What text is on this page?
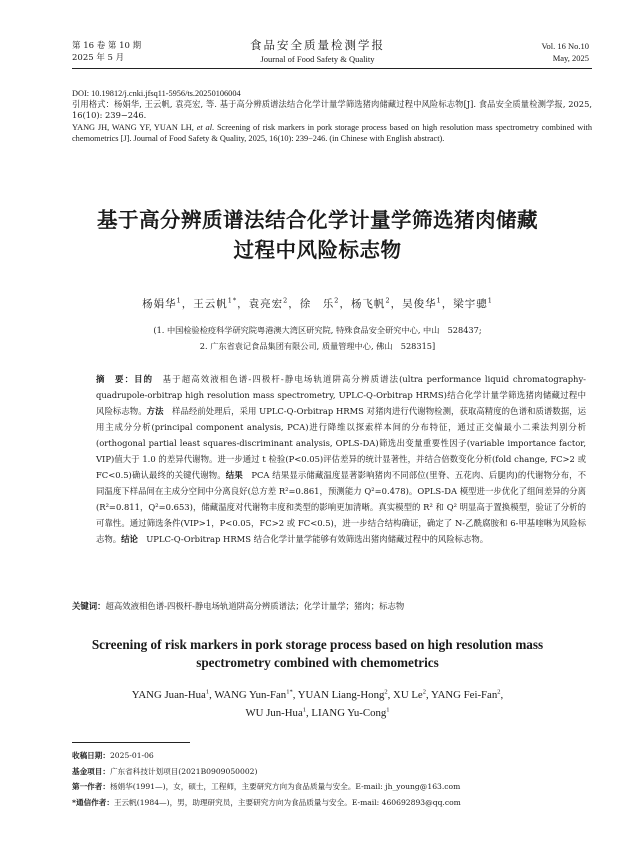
第 16 卷 第 10 期
2025 年 5 月
食品安全质量检测学报
Journal of Food Safety & Quality
Vol. 16 No.10
May, 2025
DOI: 10.19812/j.cnki.jfsq11-5956/ts.20250106004
引用格式：杨娟华, 王云帆, 袁亮宏, 等. 基于高分辨质谱法结合化学计量学筛选猪肉储藏过程中风险标志物[J]. 食品安全质量检测学报, 2025, 16(10): 239−246.
YANG JH, WANG YF, YUAN LH, et al. Screening of risk markers in pork storage process based on high resolution mass spectrometry combined with chemometrics [J]. Journal of Food Safety & Quality, 2025, 16(10): 239−246. (in Chinese with English abstract).
基于高分辨质谱法结合化学计量学筛选猪肉储藏
过程中风险标志物
杨娟华$^1$，王云帆$^{1*}$，袁亮宏$^2$，徐　乐$^2$，杨飞帆$^2$，吴俊华$^1$，梁宇骢$^1$
(1. 中国检验检疫科学研究院粤港澳大湾区研究院, 特殊食品安全研究中心, 中山　528437;
2. 广东省袁记食品集团有限公司, 质量管理中心, 佛山　528315]
摘　要：目的　 基于超高效液相色谱-四极杆-静电场轨道阱高分辨质谱法(ultra performance liquid chromatography-quadrupole-orbitrap high resolution mass spectrometry, UPLC-Q-Orbitrap HRMS)结合化学计量学筛选猪肉储藏过程中风险标志物。方法　 样品经前处理后，采用 UPLC-Q-Orbitrap HRMS 对猪肉进行代谢物检测，获取高精度的色谱和质谱数据，运用主成分分析(principal component analysis, PCA)进行降维以探索样本间的分布特征，通过正交偏最小二乘法判别分析(orthogonal partial least squares-discriminant analysis, OPLS-DA)筛选出变量重要性因子(variable importance factor, VIP)值大于 1.0 的差异代谢物。进一步通过 t 检验(P<0.05)评估差异的统计显著性，并结合倍数变化分析(fold change, FC>2 或 FC<0.5)确认最终的关键代谢物。结果　 PCA 结果显示储藏温度显著影响猪肉不同部位(里脊、五花肉、后腿肉)的代谢物分布，不同温度下样品间在主成分空间中分离良好(总方差 R²=0.861，预测能力 Q²=0.478)。OPLS-DA 模型进一步优化了组间差异的分离(R²=0.811，Q²=0.653)，储藏温度对代谢物丰度和类型的影响更加清晰。真实模型的 R² 和 Q² 明显高于置换模型，验证了分析的可靠性。通过筛选条件(VIP>1，P<0.05，FC>2 或 FC<0.5)，进一步结合结构确证，确定了 N-乙酰腐胺和 6-甲基喹啉为风险标志物。结论　 UPLC-Q-Orbitrap HRMS 结合化学计量学能够有效筛选出猪肉储藏过程中的风险标志物。
关键词：超高效液相色谱-四极杆-静电场轨道阱高分辨质谱法；化学计量学；猪肉；标志物
Screening of risk markers in pork storage process based on high resolution mass spectrometry combined with chemometrics
YANG Juan-Hua$^1$, WANG Yun-Fan$^{1*}$, YUAN Liang-Hong$^2$, XU Le$^2$, YANG Fei-Fan$^2$,
WU Jun-Hua$^1$, LIANG Yu-Cong$^1$
收稿日期：2025-01-06
基金项目：广东省科技计划项目(2021B0909050002)
第一作者：杨娟华(1991—)，女，硕士，工程师，主要研究方向为食品质量与安全。E-mail: jh_young@163.com
*通信作者：王云帆(1984—)，男，助理研究员，主要研究方向为食品质量与安全。E-mail: 460692893@qq.com
